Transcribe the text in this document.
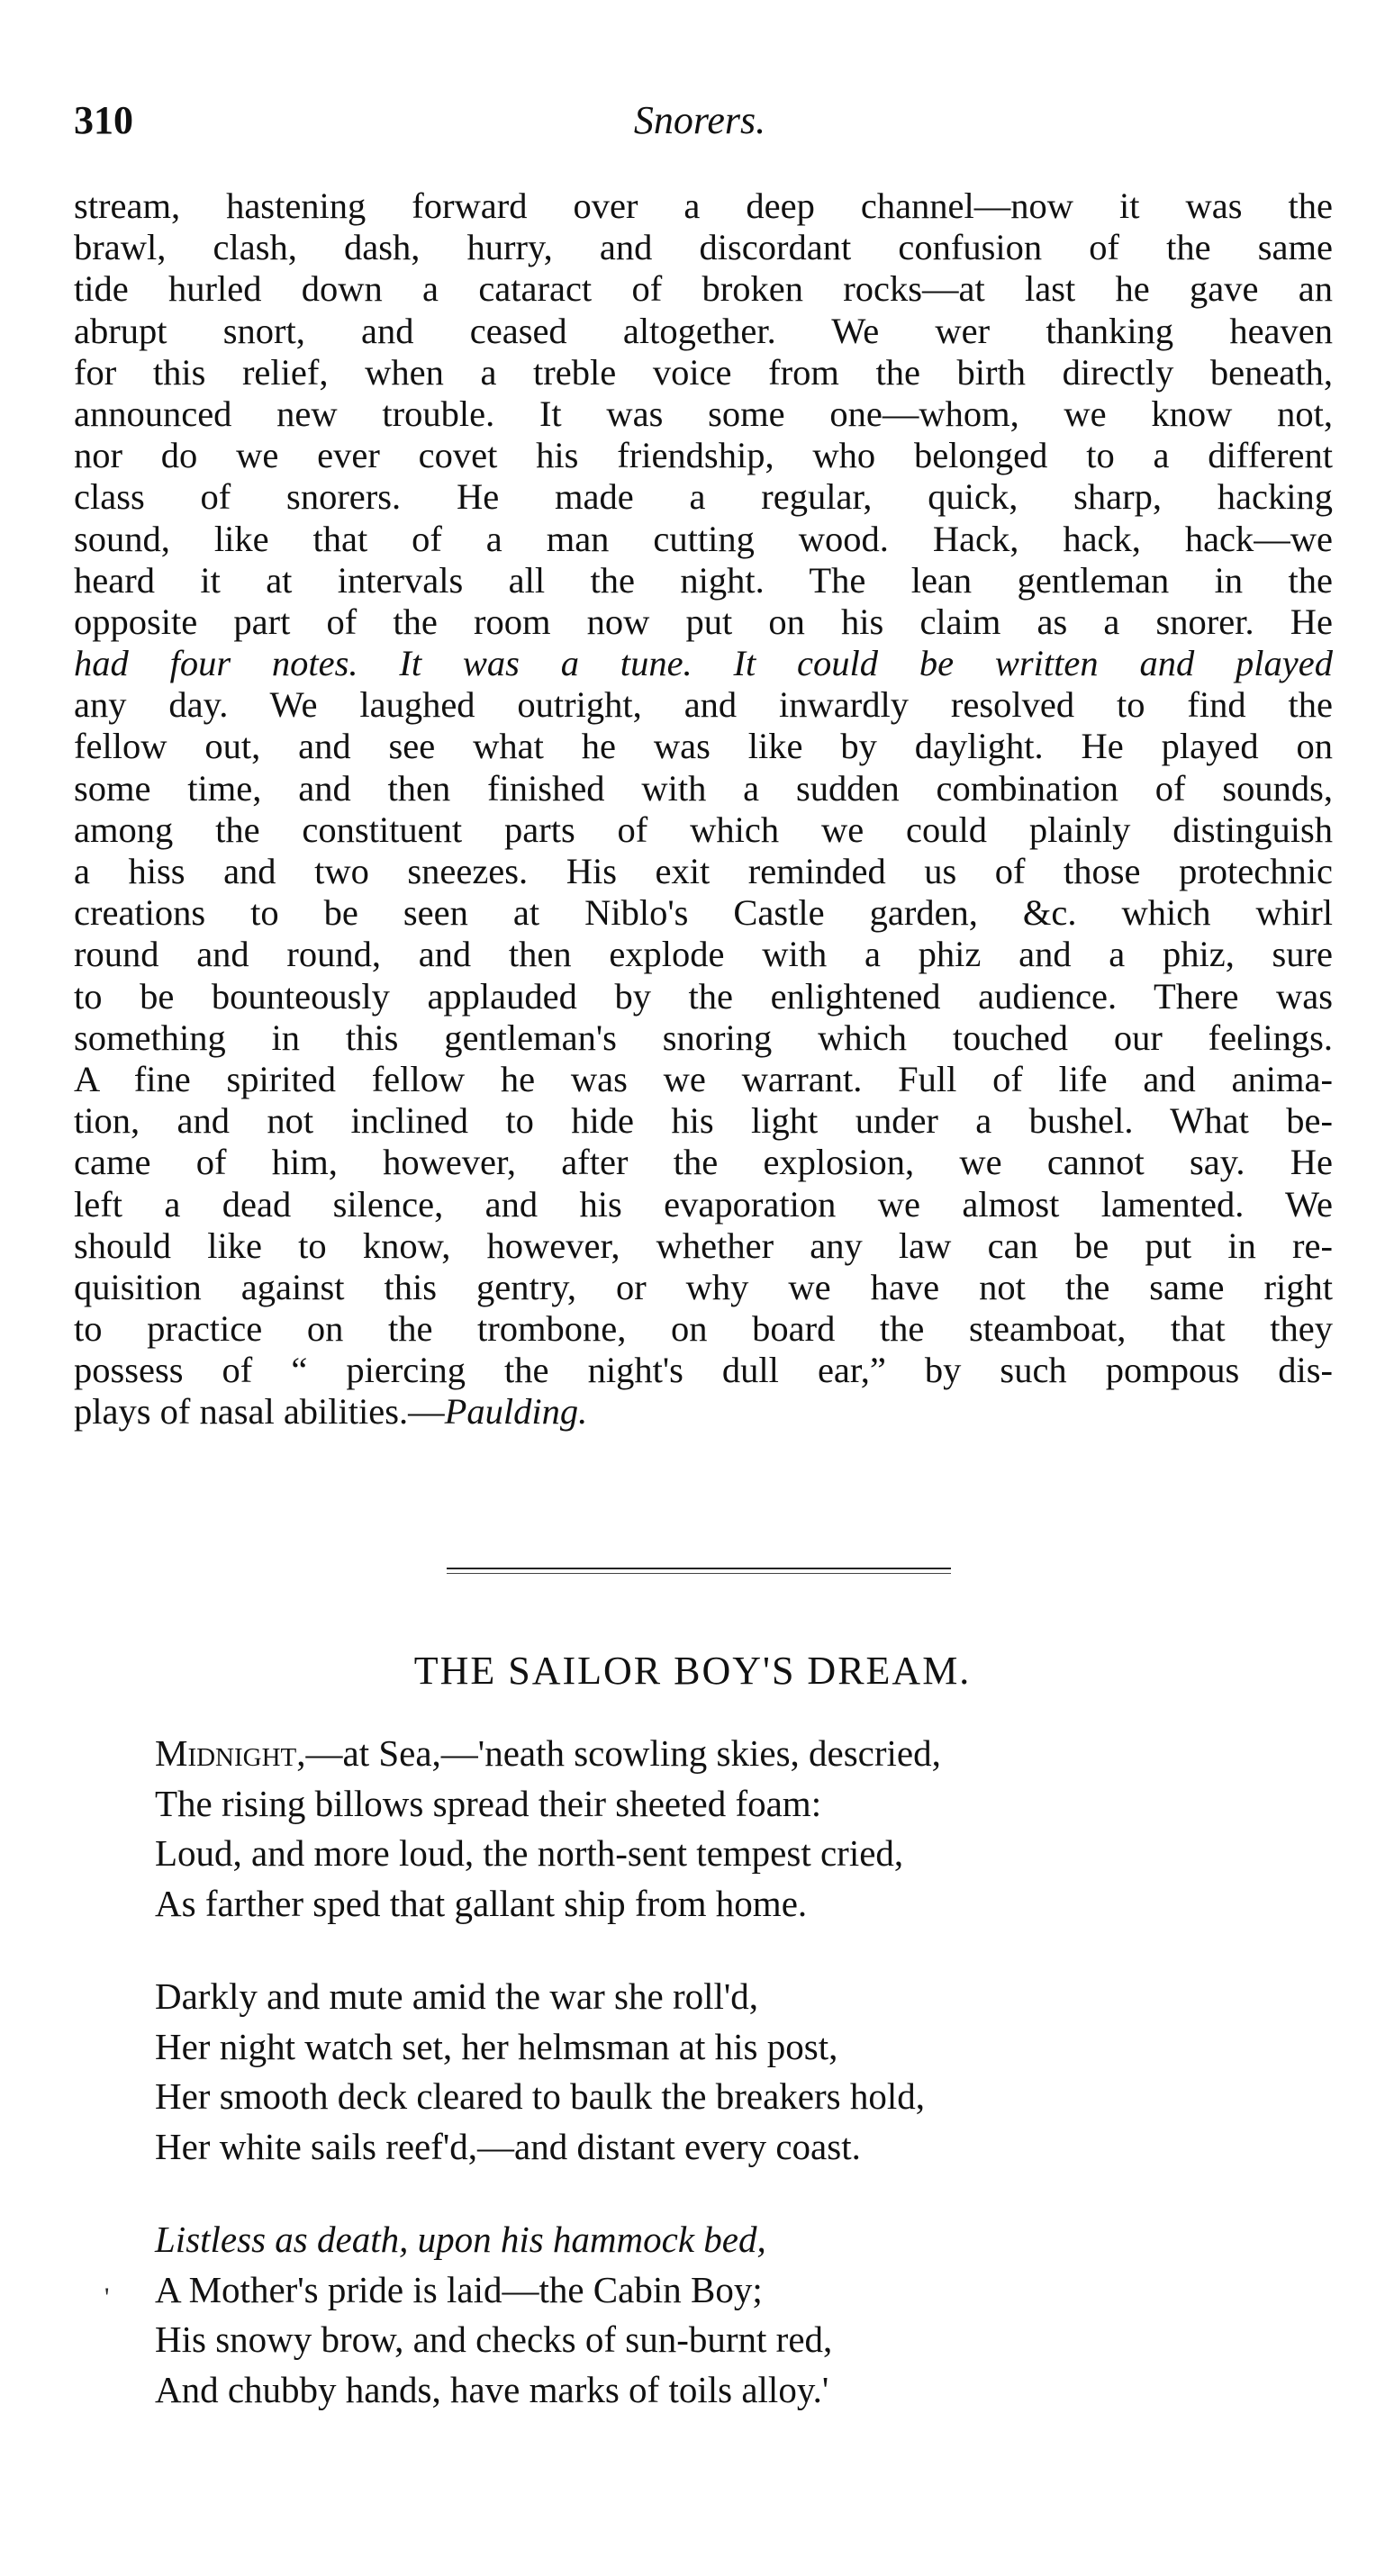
310	Snorers.
stream, hastening forward over a deep channel—now it was the
brawl, clash, dash, hurry, and discordant confusion of the same
tide hurled down a cataract of broken rocks—at last he gave an
abrupt snort, and ceased altogether. We wer thanking heaven
for this relief, when a treble voice from the birth directly beneath,
announced new trouble. It was some one—whom, we know not,
nor do we ever covet his friendship, who belonged to a different
class of snorers. He made a regular, quick, sharp, hacking
sound, like that of a man cutting wood. Hack, hack, hack—we
heard it at intervals all the night. The lean gentleman in the
opposite part of the room now put on his claim as a snorer. He
had four notes. It was a tune. It could be written and played
any day. We laughed outright, and inwardly resolved to find the
fellow out, and see what he was like by daylight. He played on
some time, and then finished with a sudden combination of sounds,
among the constituent parts of which we could plainly distinguish
a hiss and two sneezes. His exit reminded us of those protechnic
creations to be seen at Niblo's Castle garden, &c. which whirl
round and round, and then explode with a phiz and a phiz, sure
to be bounteously applauded by the enlightened audience. There was
something in this gentleman's snoring which touched our feelings.
A fine spirited fellow he was we warrant. Full of life and anima-
tion, and not inclined to hide his light under a bushel. What be-
came of him, however, after the explosion, we cannot say. He
left a dead silence, and his evaporation we almost lamented. We
should like to know, however, whether any law can be put in re-
quisition against this gentry, or why we have not the same right
to practice on the trombone, on board the steamboat, that they
possess of “ piercing the night's dull ear,” by such pompous dis-
plays of nasal abilities.—Paulding.
THE SAILOR BOY'S DREAM.
Midnight,—at Sea,—'neath scowling skies, descried,
The rising billows spread their sheeted foam:
Loud, and more loud, the north-sent tempest cried,
As farther sped that gallant ship from home.
Darkly and mute amid the war she roll'd,
Her night watch set, her helmsman at his post,
Her smooth deck cleared to baulk the breakers hold,
Her white sails reef'd,—and distant every coast.
Listless as death, upon his hammock bed,
A Mother's pride is laid—the Cabin Boy;
His snowy brow, and checks of sun-burnt red,
And chubby hands, have marks of toils alloy.'
'
